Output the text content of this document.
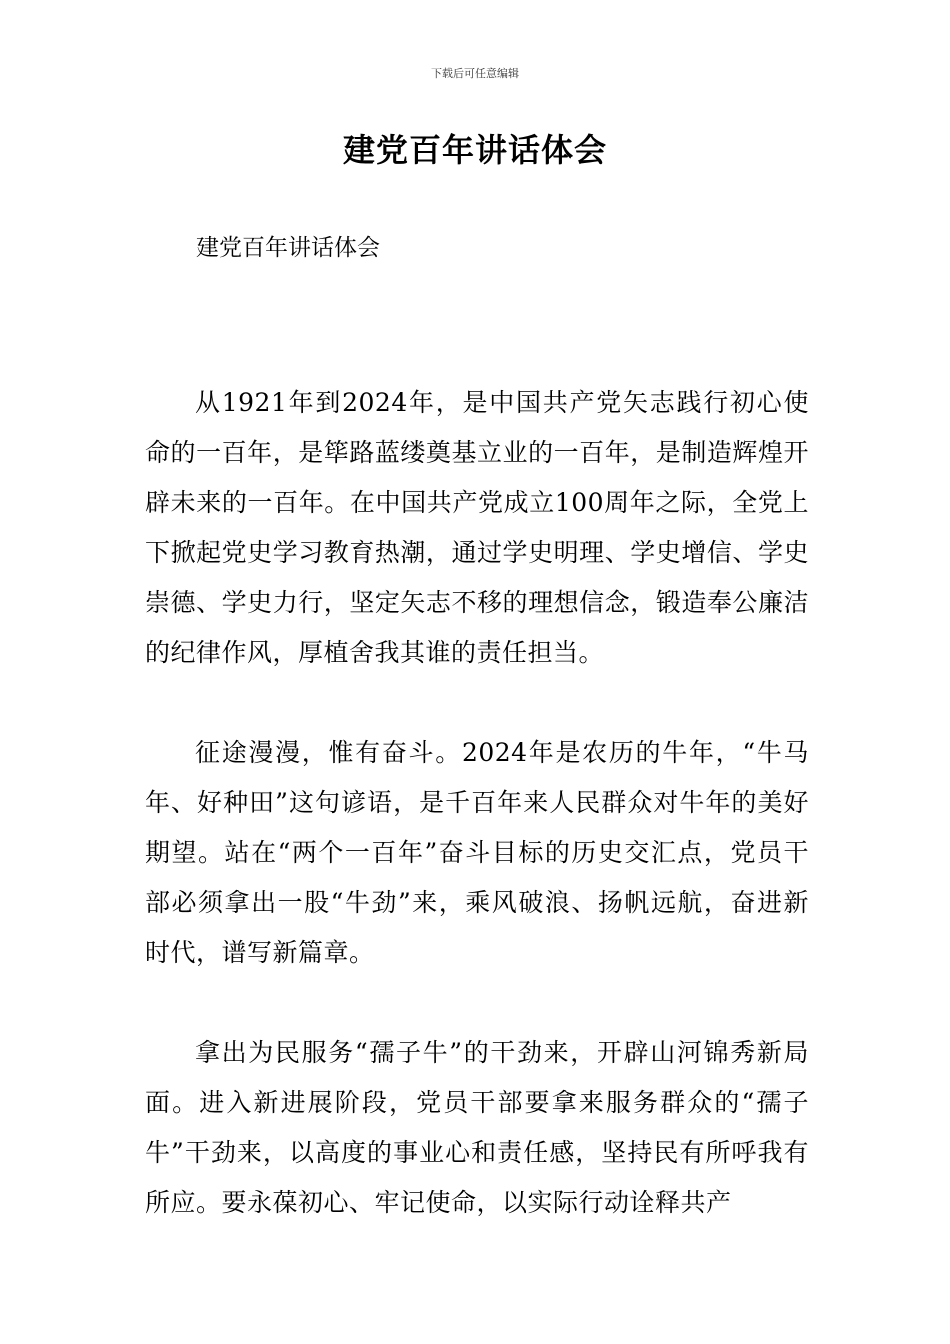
下载后可任意编辑
建党百年讲话体会
建党百年讲话体会

从1921年到2024年，是中国共产党矢志践行初心使命的一百年，是筚路蓝缕奠基立业的一百年，是制造辉煌开辟未来的一百年。在中国共产党成立100周年之际，全党上下掀起党史学习教育热潮，通过学史明理、学史增信、学史崇德、学史力行，坚定矢志不移的理想信念，锻造奉公廉洁的纪律作风，厚植舍我其谁的责任担当。

征途漫漫，惟有奋斗。2024年是农历的牛年，“牛马年、好种田”这句谚语，是千百年来人民群众对牛年的美好期望。站在“两个一百年”奋斗目标的历史交汇点，党员干部必须拿出一股“牛劲”来，乘风破浪、扬帆远航，奋进新时代，谱写新篇章。

拿出为民服务“孺子牛”的干劲来，开辟山河锦秀新局面。进入新进展阶段，党员干部要拿来服务群众的“孺子牛”干劲来，以高度的事业心和责任感，坚持民有所呼我有所应。要永葆初心、牢记使命，以实际行动诠释共产
